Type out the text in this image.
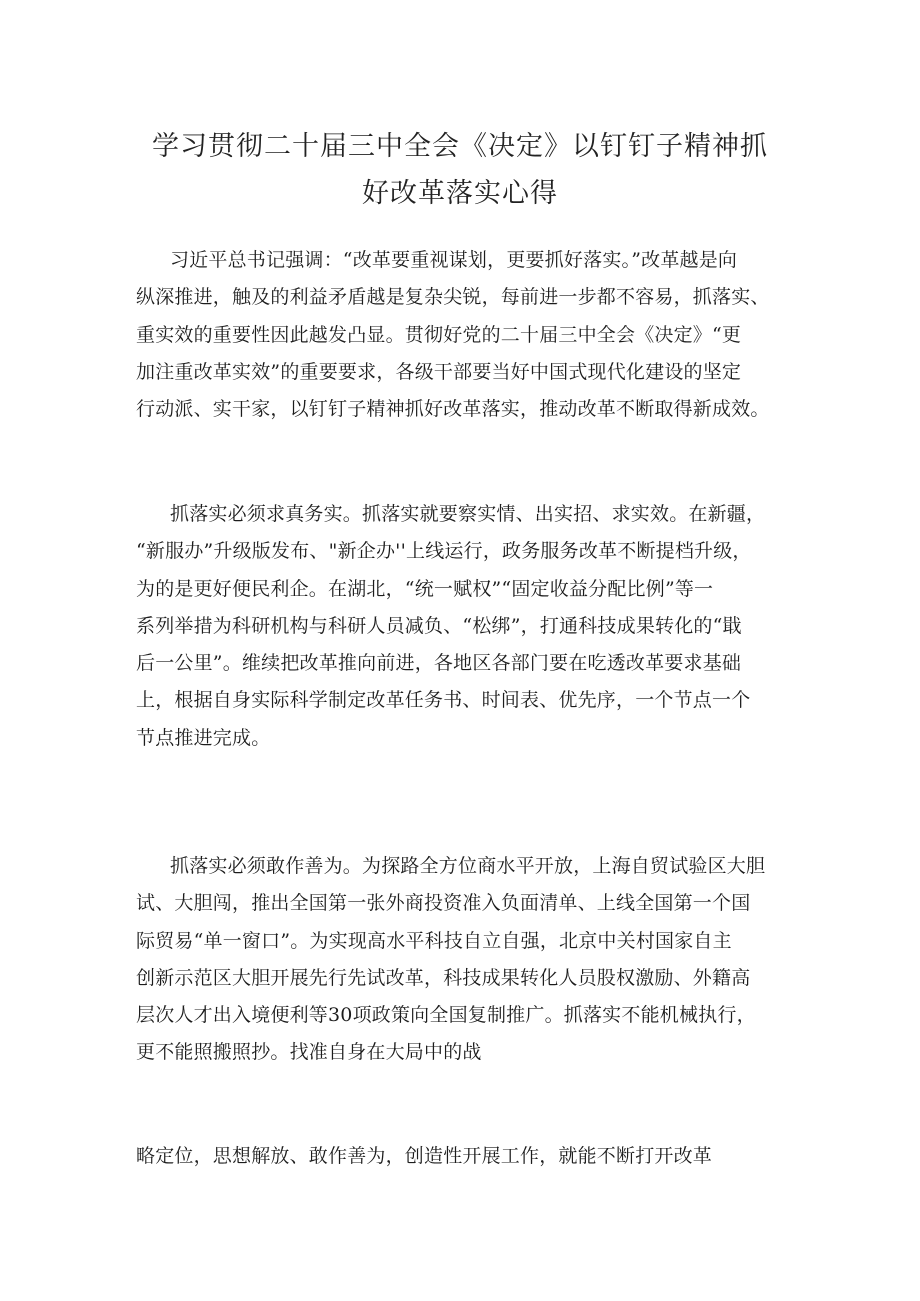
学习贯彻二十届三中全会《决定》以钉钉子精神抓
好改革落实心得

习近平总书记强调：“改革要重视谋划，更要抓好落实。”改革越是向
纵深推进，触及的利益矛盾越是复杂尖锐，每前进一步都不容易，抓落实、
重实效的重要性因此越发凸显。贯彻好党的二十届三中全会《决定》“更
加注重改革实效”的重要要求，各级干部要当好中国式现代化建设的坚定
行动派、实干家，以钉钉子精神抓好改革落实，推动改革不断取得新成效。

抓落实必须求真务实。抓落实就要察实情、出实招、求实效。在新疆，
“新服办”升级版发布、"新企办''上线运行，政务服务改革不断提档升级，
为的是更好便民利企。在湖北，“统一赋权”“固定收益分配比例”等一
系列举措为科研机构与科研人员减负、“松绑”，打通科技成果转化的“戢
后一公里”。维续把改革推向前进，各地区各部门要在吃透改革要求基础
上，根据自身实际科学制定改革任务书、时间表、优先序，一个节点一个
节点推进完成。

抓落实必须敢作善为。为探路全方位商水平开放，上海自贸试验区大胆
试、大胆闯，推出全国第一张外商投资准入负面清单、上线全国第一个国
际贸易“单一窗口”。为实现高水平科技自立自强，北京中关村国家自主
创新示范区大胆开展先行先试改革，科技成果转化人员股权激励、外籍高
层次人才出入境便利等30项政策向全国复制推广。抓落实不能机械执行，
更不能照搬照抄。找准自身在大局中的战

略定位，思想解放、敢作善为，创造性开展工作，就能不断打开改革
